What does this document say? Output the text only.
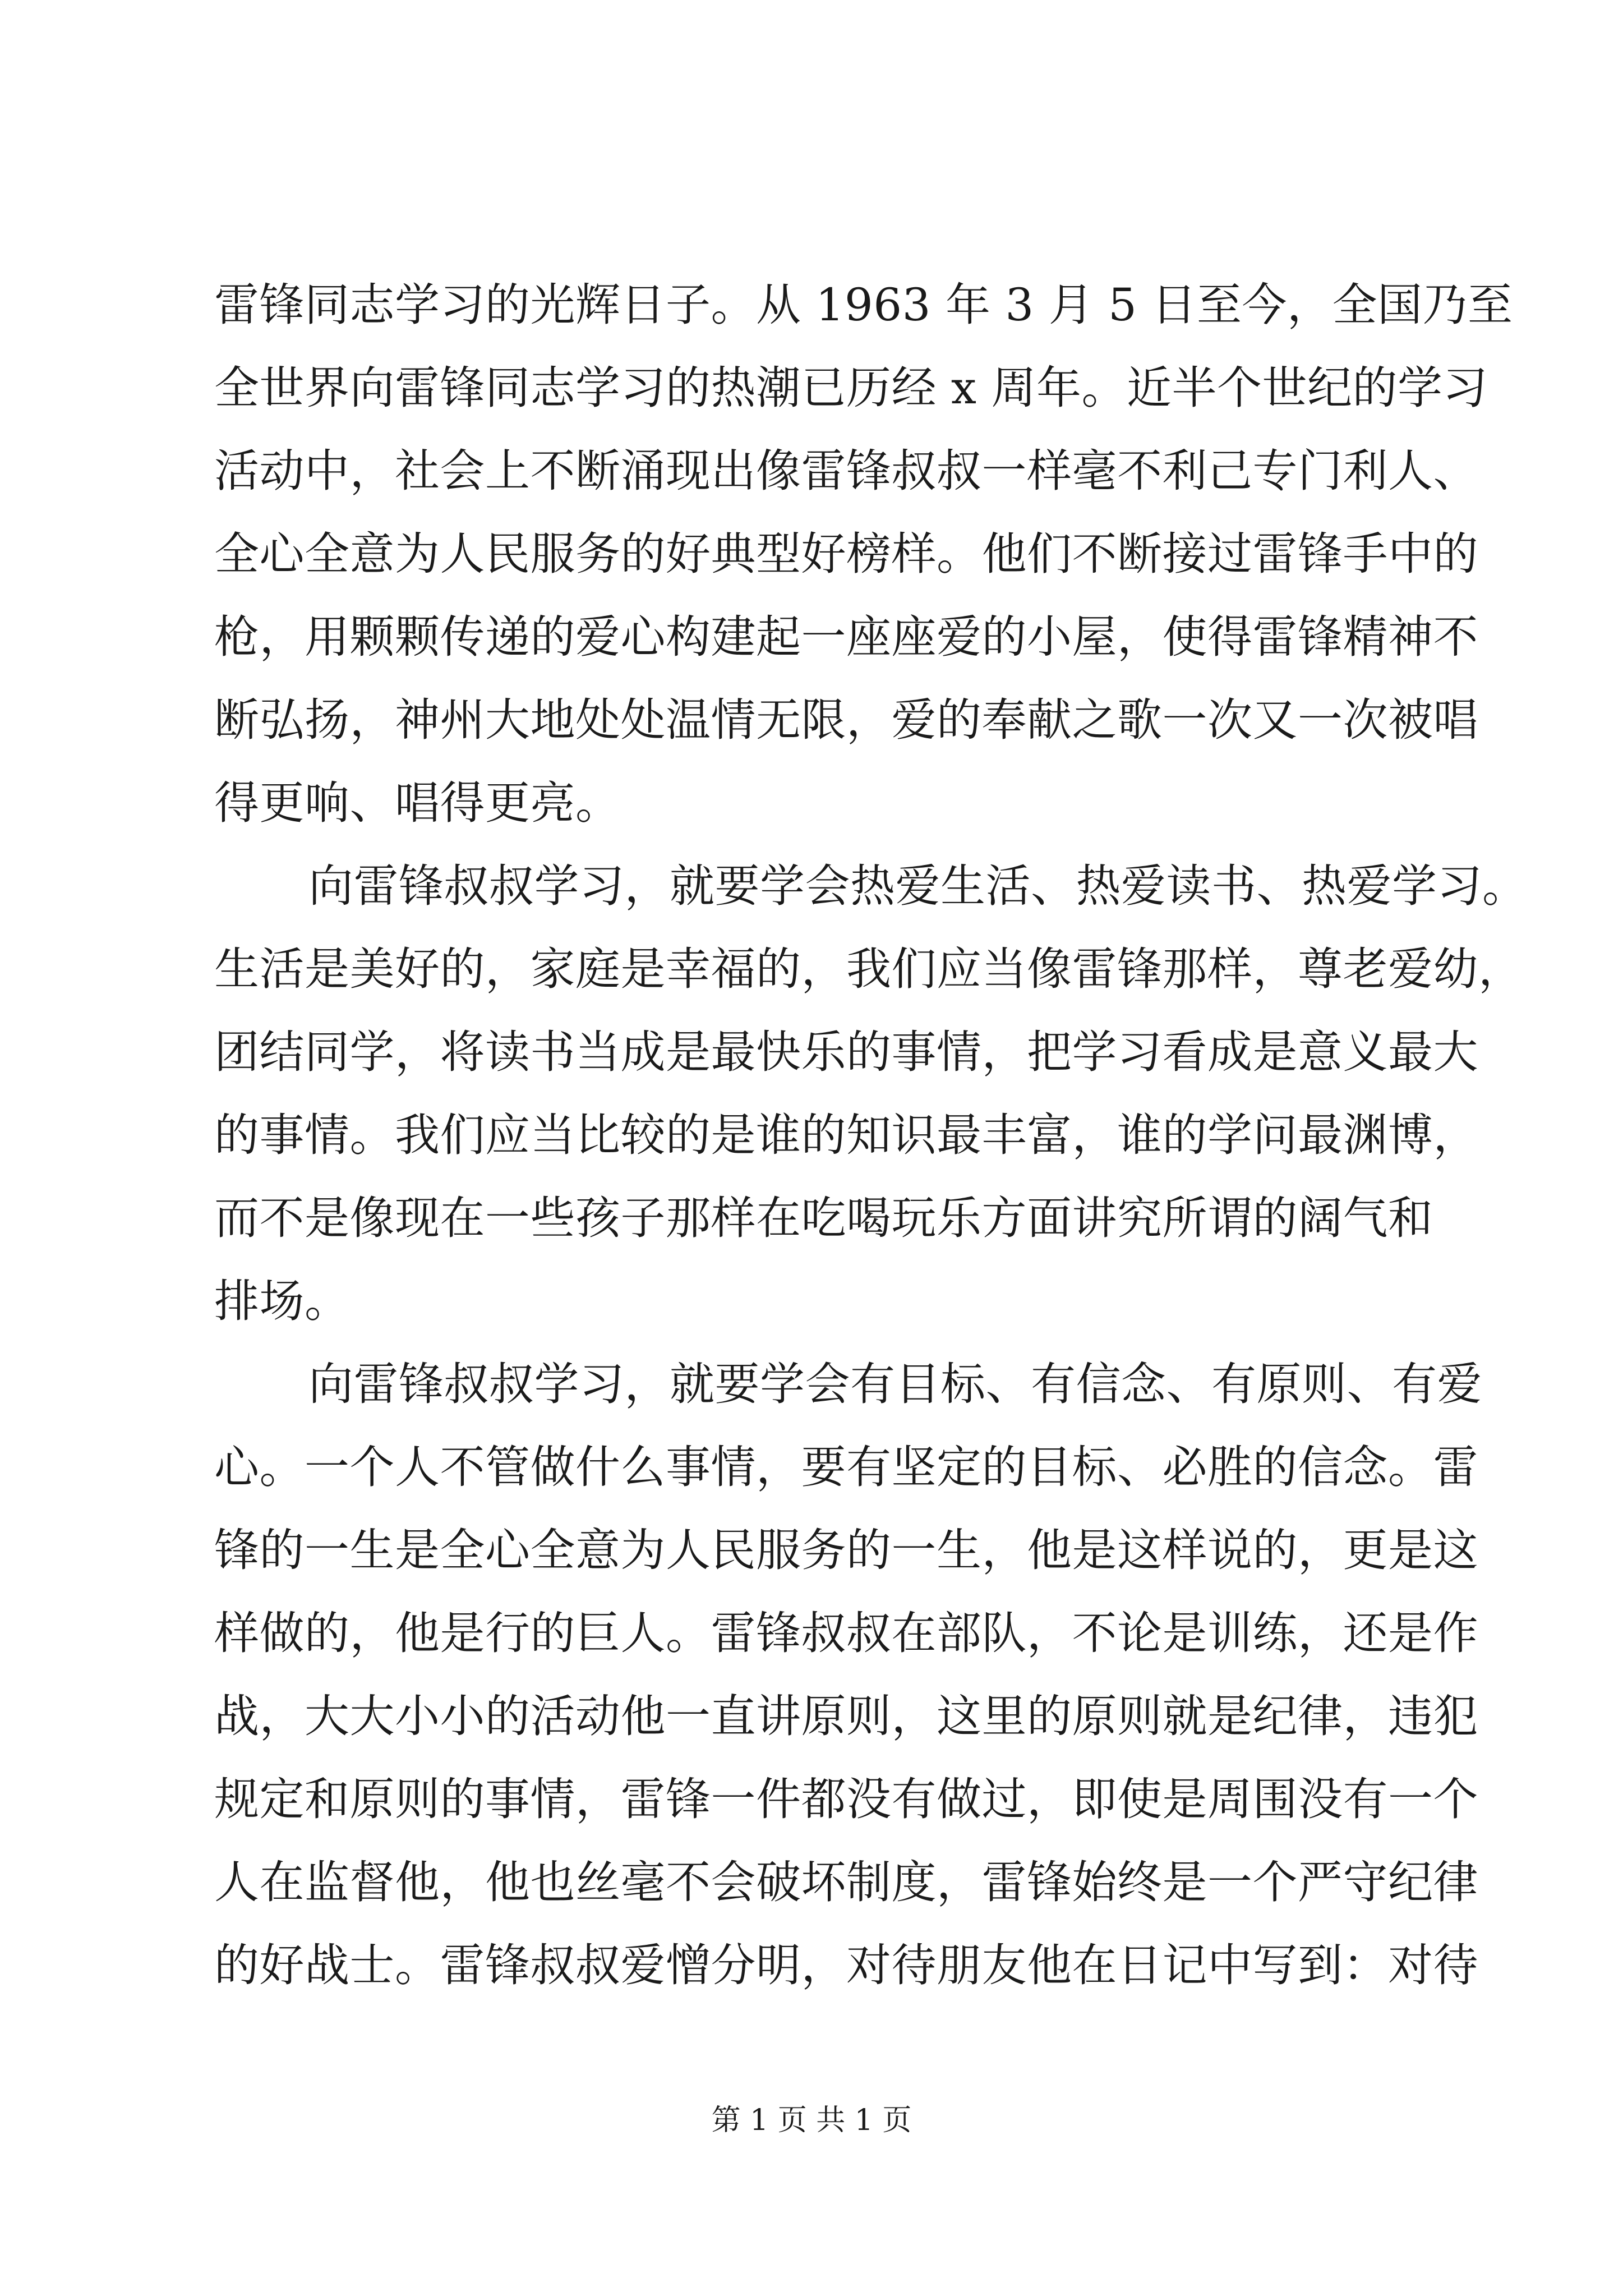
雷锋同志学习的光辉日子。从 1963 年 3 月 5 日至今，全国乃至
全世界向雷锋同志学习的热潮已历经 x 周年。近半个世纪的学习
活动中，社会上不断涌现出像雷锋叔叔一样毫不利己专门利人、
全心全意为人民服务的好典型好榜样。他们不断接过雷锋手中的
枪，用颗颗传递的爱心构建起一座座爱的小屋，使得雷锋精神不
断弘扬，神州大地处处温情无限，爱的奉献之歌一次又一次被唱
得更响、唱得更亮。
向雷锋叔叔学习，就要学会热爱生活、热爱读书、热爱学习。
生活是美好的，家庭是幸福的，我们应当像雷锋那样，尊老爱幼，
团结同学，将读书当成是最快乐的事情，把学习看成是意义最大
的事情。我们应当比较的是谁的知识最丰富，谁的学问最渊博，
而不是像现在一些孩子那样在吃喝玩乐方面讲究所谓的阔气和
排场。
向雷锋叔叔学习，就要学会有目标、有信念、有原则、有爱
心。一个人不管做什么事情，要有坚定的目标、必胜的信念。雷
锋的一生是全心全意为人民服务的一生，他是这样说的，更是这
样做的，他是行的巨人。雷锋叔叔在部队，不论是训练，还是作
战，大大小小的活动他一直讲原则，这里的原则就是纪律，违犯
规定和原则的事情，雷锋一件都没有做过，即使是周围没有一个
人在监督他，他也丝毫不会破坏制度，雷锋始终是一个严守纪律
的好战士。雷锋叔叔爱憎分明，对待朋友他在日记中写到：对待
第 1 页 共 1 页
